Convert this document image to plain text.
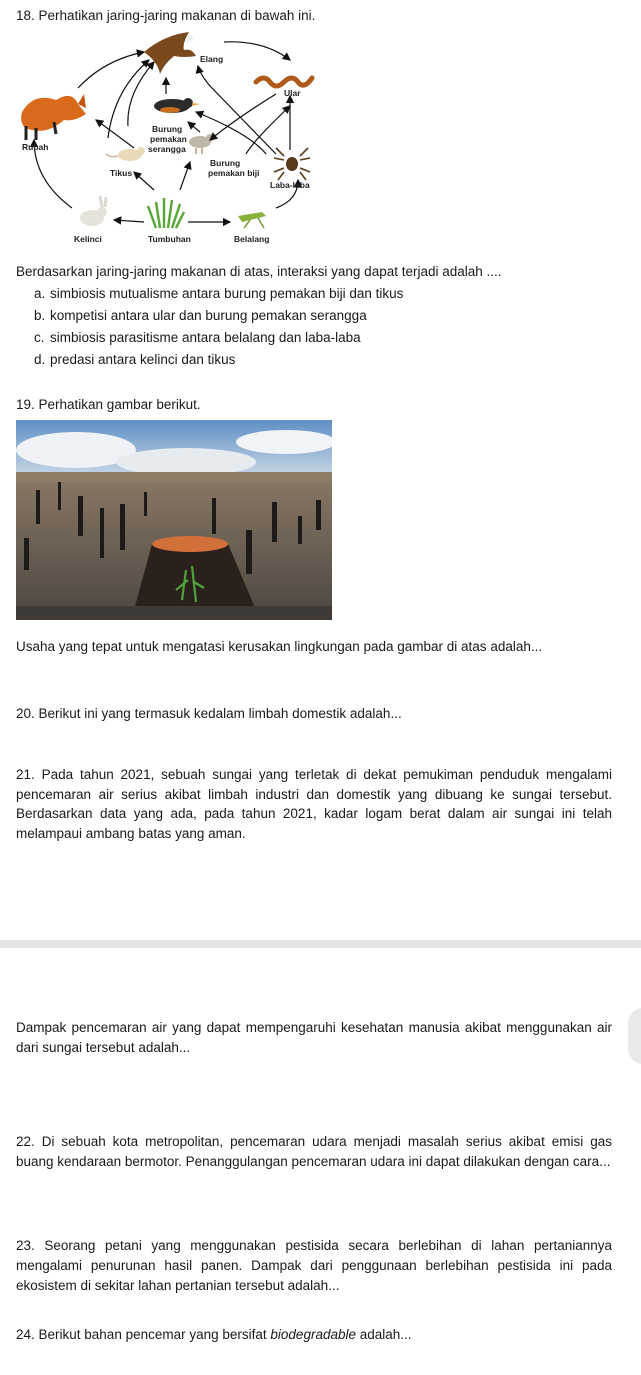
18. Perhatikan jaring-jaring makanan di bawah ini.
Elang
Ular
Rubah
Burung
pemakan
serangga
Tikus
Burung
pemakan biji
Laba-laba
Kelinci	Tumbuhan	Belalang
Berdasarkan jaring-jaring makanan di atas, interaksi yang dapat terjadi adalah ....
a. simbiosis mutualisme antara burung pemakan biji dan tikus
b. kompetisi antara ular dan burung pemakan serangga
c. simbiosis parasitisme antara belalang dan laba-laba
d. predasi antara kelinci dan tikus
19. Perhatikan gambar berikut.
Usaha yang tepat untuk mengatasi kerusakan lingkungan pada gambar di atas adalah...
20. Berikut ini yang termasuk kedalam limbah domestik adalah...
21. Pada tahun 2021, sebuah sungai yang terletak di dekat pemukiman penduduk mengalami pencemaran air serius akibat limbah industri dan domestik yang dibuang ke sungai tersebut. Berdasarkan data yang ada, pada tahun 2021, kadar logam berat dalam air sungai ini telah melampaui ambang batas yang aman.
Dampak pencemaran air yang dapat mempengaruhi kesehatan manusia akibat menggunakan air dari sungai tersebut adalah...
22. Di sebuah kota metropolitan, pencemaran udara menjadi masalah serius akibat emisi gas buang kendaraan bermotor. Penanggulangan pencemaran udara ini dapat dilakukan dengan cara...
23. Seorang petani yang menggunakan pestisida secara berlebihan di lahan pertaniannya mengalami penurunan hasil panen. Dampak dari penggunaan berlebihan pestisida ini pada ekosistem di sekitar lahan pertanian tersebut adalah...
24. Berikut bahan pencemar yang bersifat biodegradable adalah...
